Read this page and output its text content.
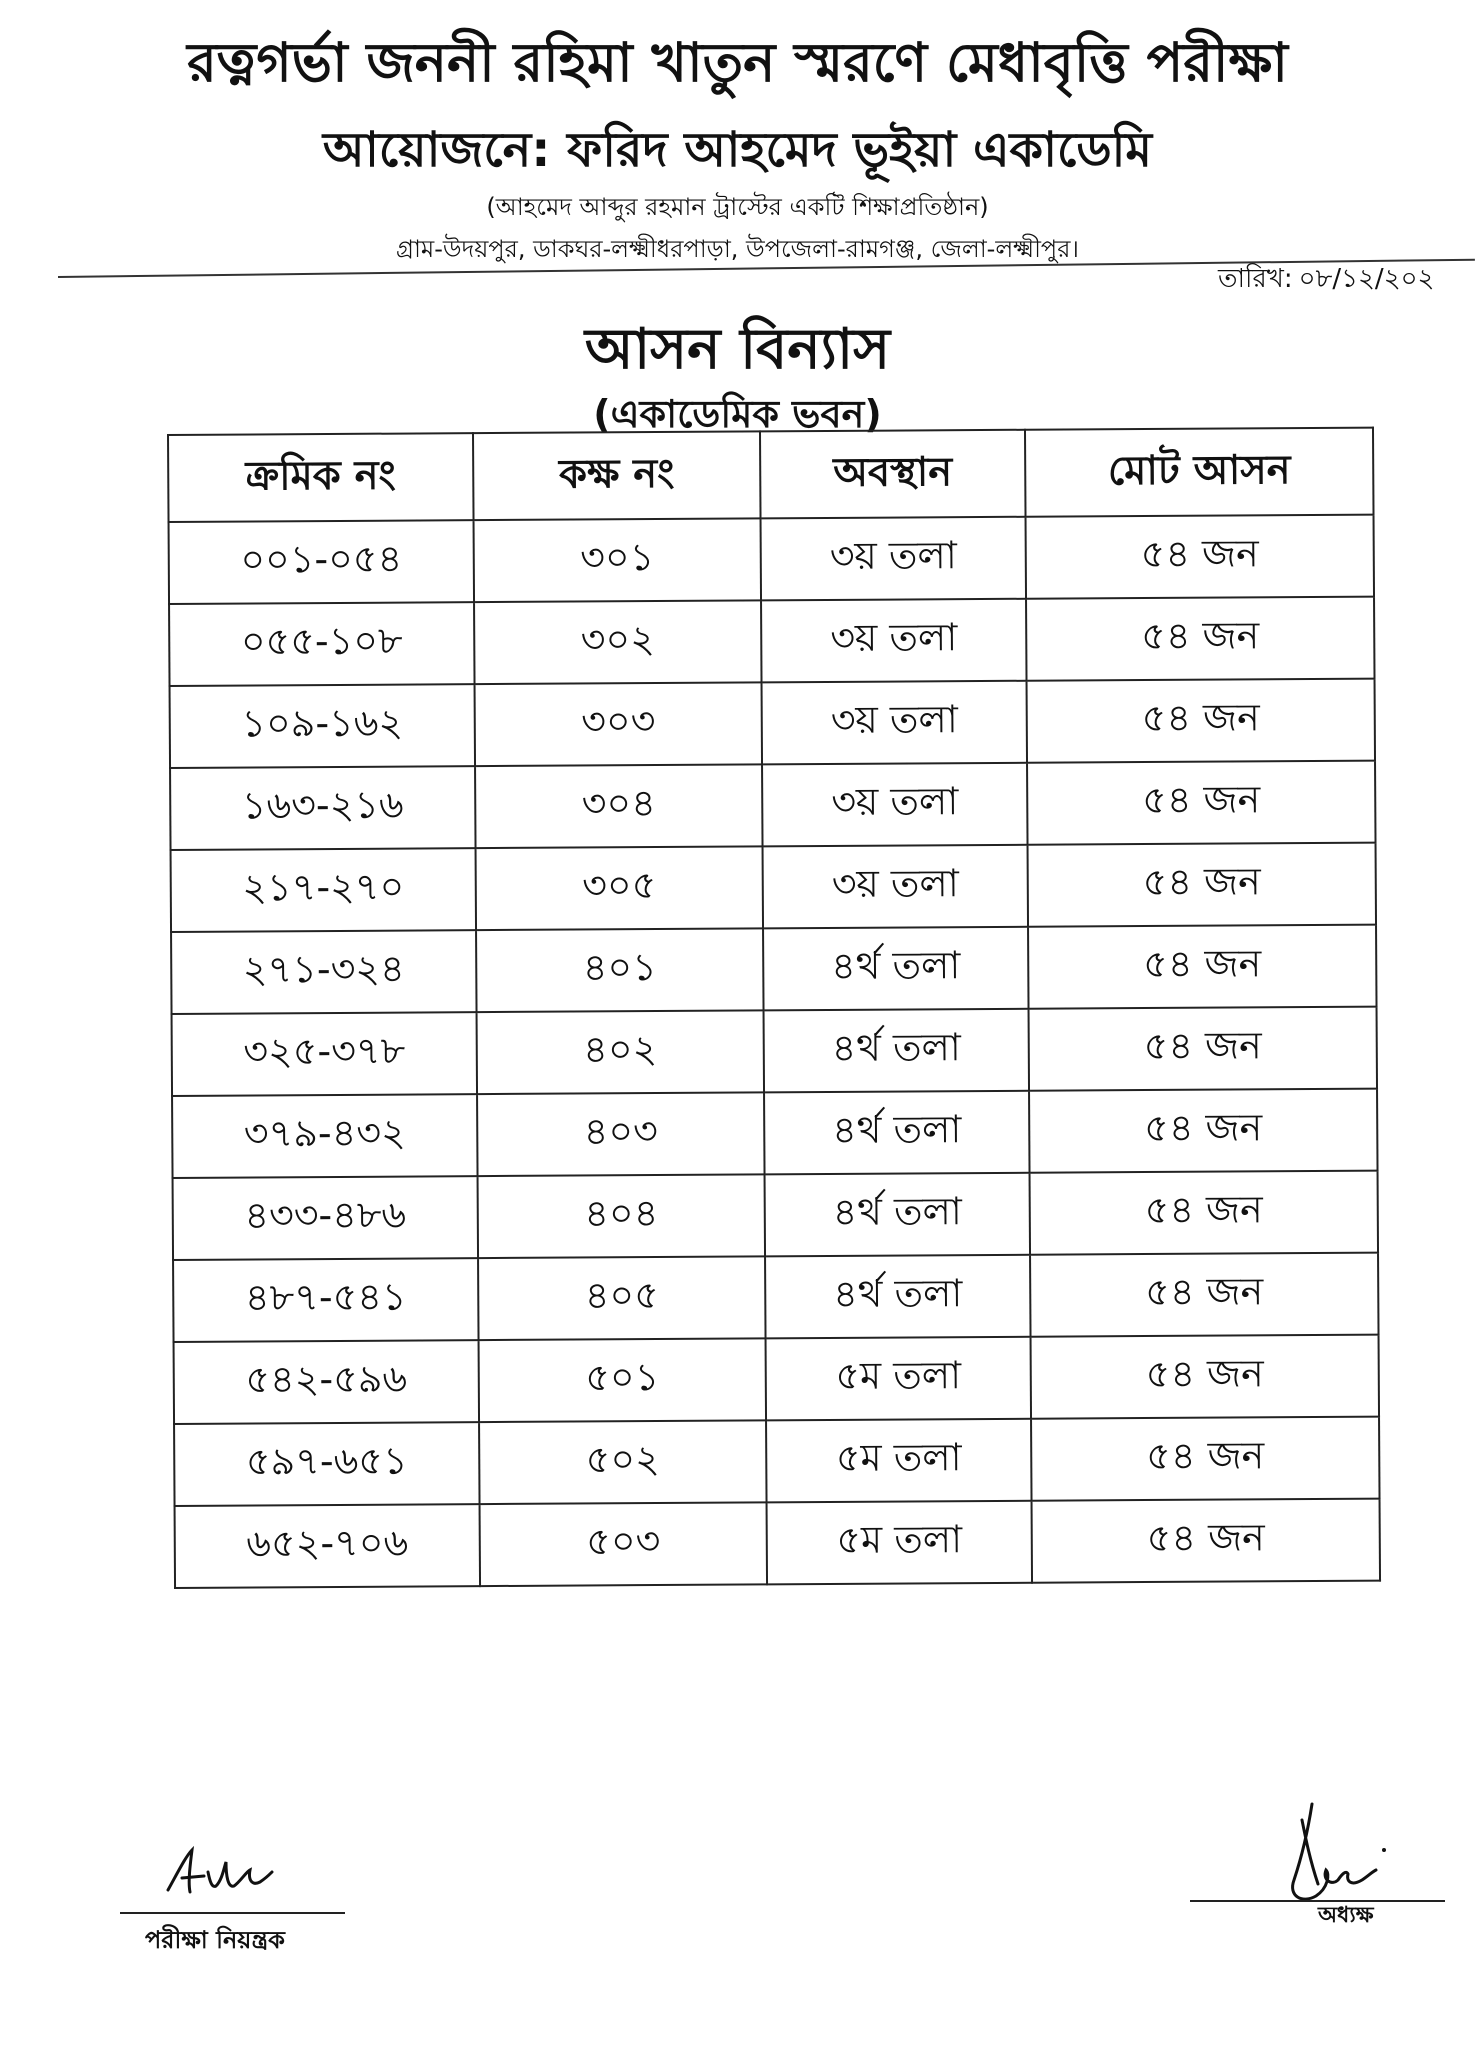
রত্নগর্ভা জননী রহিমা খাতুন স্মরণে মেধাবৃত্তি পরীক্ষা
আয়োজনে: ফরিদ আহমেদ ভূইয়া একাডেমি
(আহমেদ আব্দুর রহমান ট্রাস্টের একটি শিক্ষাপ্রতিষ্ঠান)
গ্রাম-উদয়পুর, ডাকঘর-লক্ষ্মীধরপাড়া, উপজেলা-রামগঞ্জ, জেলা-লক্ষ্মীপুর।
তারিখ: ০৮/১২/২০২
আসন বিন্যাস
(একাডেমিক ভবন)
ক্রমিক নং	কক্ষ নং	অবস্থান	মোট আসন
০০১-০৫৪	৩০১	৩য় তলা	৫৪ জন
০৫৫-১০৮	৩০২	৩য় তলা	৫৪ জন
১০৯-১৬২	৩০৩	৩য় তলা	৫৪ জন
১৬৩-২১৬	৩০৪	৩য় তলা	৫৪ জন
২১৭-২৭০	৩০৫	৩য় তলা	৫৪ জন
২৭১-৩২৪	৪০১	৪র্থ তলা	৫৪ জন
৩২৫-৩৭৮	৪০২	৪র্থ তলা	৫৪ জন
৩৭৯-৪৩২	৪০৩	৪র্থ তলা	৫৪ জন
৪৩৩-৪৮৬	৪০৪	৪র্থ তলা	৫৪ জন
৪৮৭-৫৪১	৪০৫	৪র্থ তলা	৫৪ জন
৫৪২-৫৯৬	৫০১	৫ম তলা	৫৪ জন
৫৯৭-৬৫১	৫০২	৫ম তলা	৫৪ জন
৬৫২-৭০৬	৫০৩	৫ম তলা	৫৪ জন
পরীক্ষা নিয়ন্ত্রক
অধ্যক্ষ
